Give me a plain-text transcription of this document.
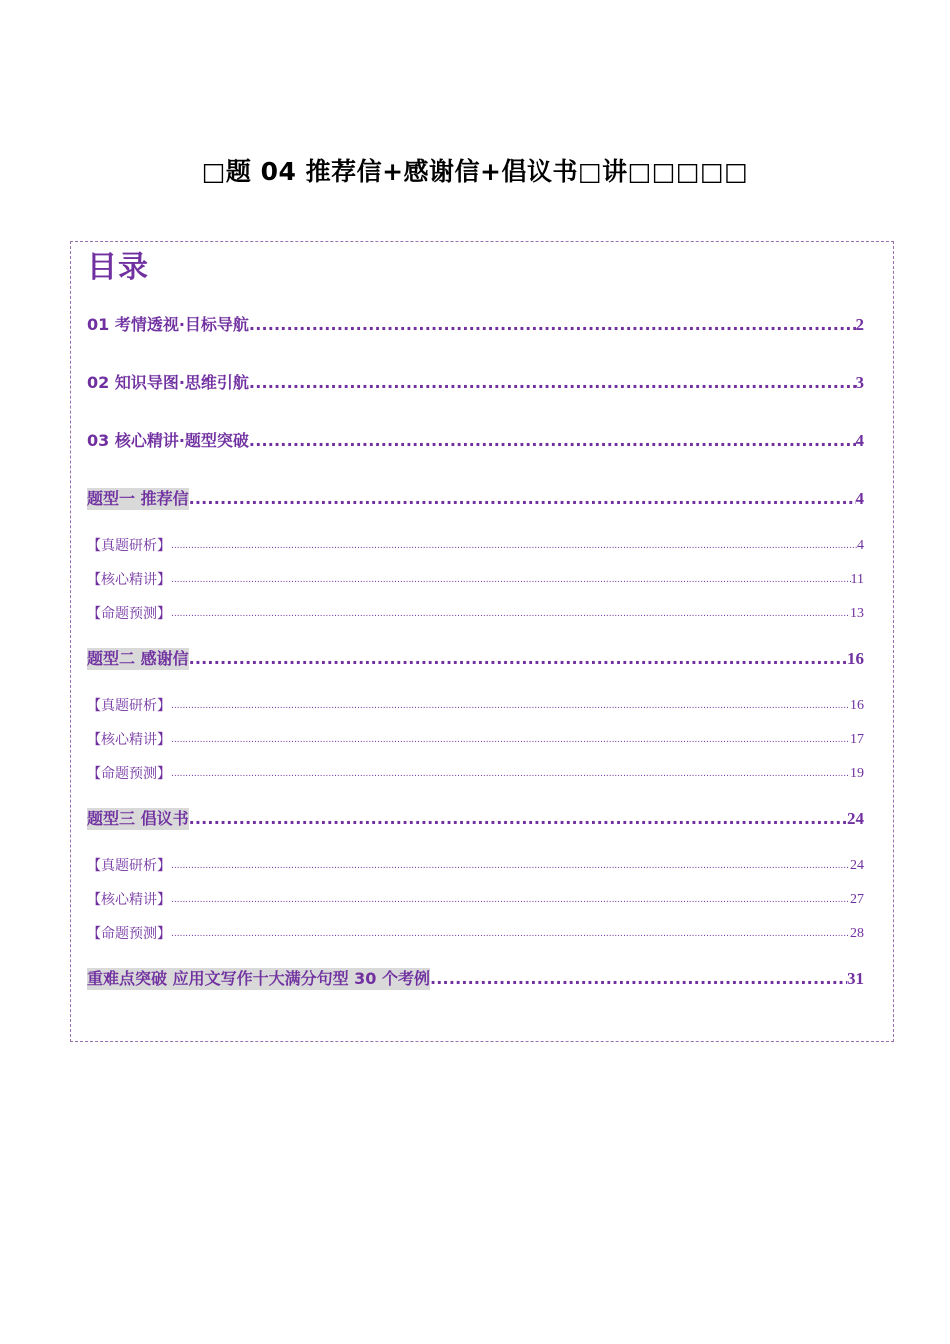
□题 04 推荐信+感谢信+倡议书□讲□□□□□
目录
01 考情透视·目标导航 .....	2
02 知识导图·思维引航 .....	3
03 核心精讲·题型突破 .....	4
题型一 推荐信 .....	4
【真题研析】 .....	4
【核心精讲】 .....	11
【命题预测】 .....	13
题型二 感谢信 .....	16
【真题研析】 .....	16
【核心精讲】 .....	17
【命题预测】 .....	19
题型三 倡议书 .....	24
【真题研析】 .....	24
【核心精讲】 .....	27
【命题预测】 .....	28
重难点突破 应用文写作十大满分句型 30 个考例 .....	31
